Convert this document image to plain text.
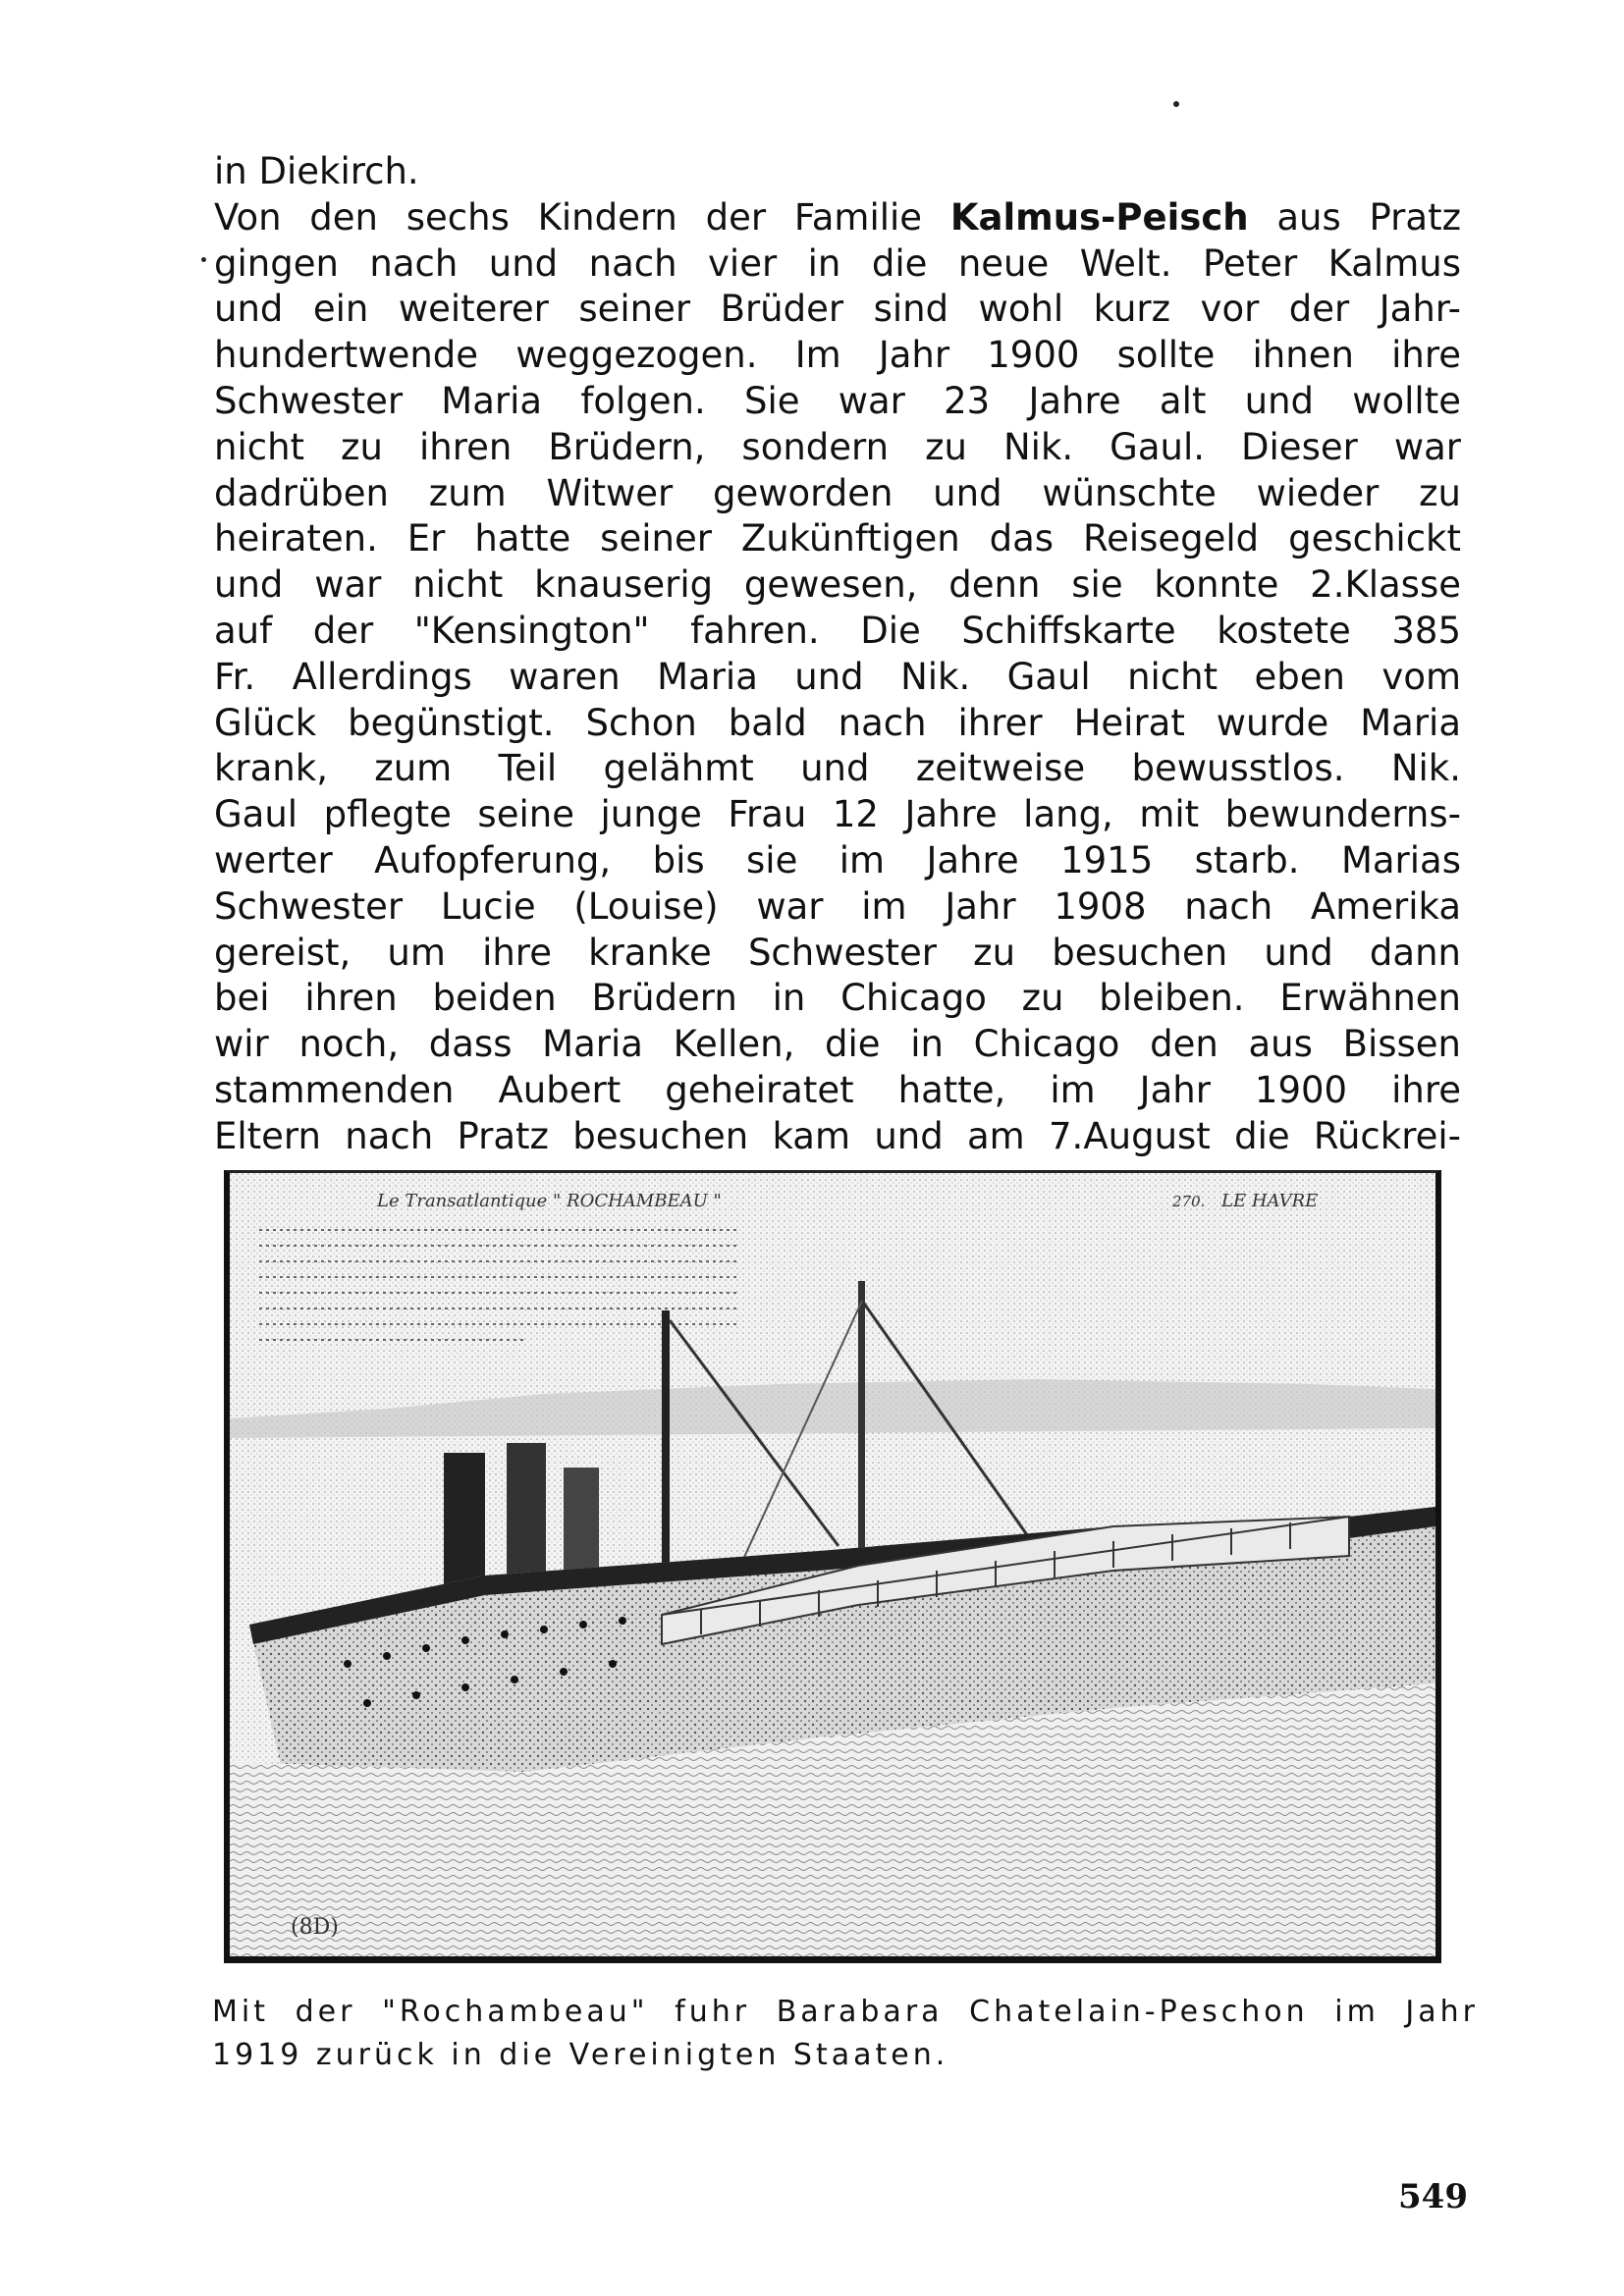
in Diekirch.
Von den sechs Kindern der Familie Kalmus-Peisch aus Pratz
gingen nach und nach vier in die neue Welt. Peter Kalmus
und ein weiterer seiner Brüder sind wohl kurz vor der Jahr-
hundertwende weggezogen. Im Jahr 1900 sollte ihnen ihre
Schwester Maria folgen. Sie war 23 Jahre alt und wollte
nicht zu ihren Brüdern, sondern zu Nik. Gaul. Dieser war
dadrüben zum Witwer geworden und wünschte wieder zu
heiraten. Er hatte seiner Zukünftigen das Reisegeld geschickt
und war nicht knauserig gewesen, denn sie konnte 2.Klasse
auf der "Kensington" fahren. Die Schiffskarte kostete 385
Fr. Allerdings waren Maria und Nik. Gaul nicht eben vom
Glück begünstigt. Schon bald nach ihrer Heirat wurde Maria
krank, zum Teil gelähmt und zeitweise bewusstlos. Nik.
Gaul pflegte seine junge Frau 12 Jahre lang, mit bewunderns-
werter Aufopferung, bis sie im Jahre 1915 starb. Marias
Schwester Lucie (Louise) war im Jahr 1908 nach Amerika
gereist, um ihre kranke Schwester zu besuchen und dann
bei ihren beiden Brüdern in Chicago zu bleiben. Erwähnen
wir noch, dass Maria Kellen, die in Chicago den aus Bissen
stammenden Aubert geheiratet hatte, im Jahr 1900 ihre
Eltern nach Pratz besuchen kam und am 7.August die Rückrei-
Le Transatlantique " ROCHAMBEAU "	270. LE HAVRE
(8D)
Mit der "Rochambeau" fuhr Barabara Chatelain-Peschon im Jahr
1919 zurück in die Vereinigten Staaten.
549
